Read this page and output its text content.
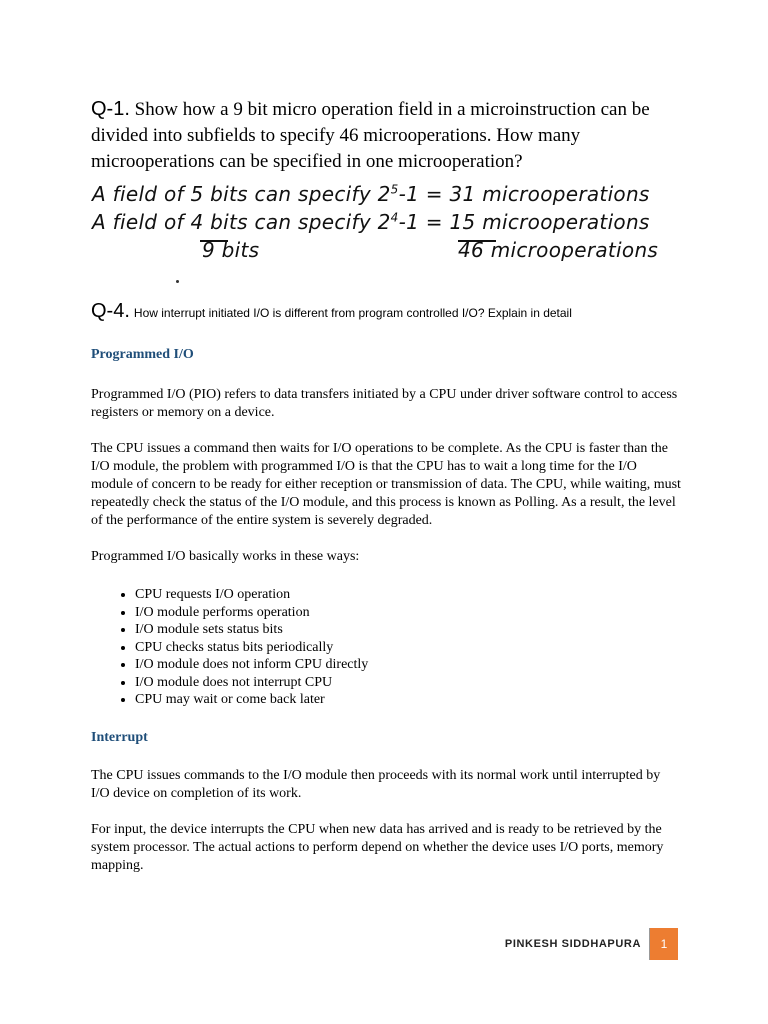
Q-1. Show how a 9 bit micro operation field in a microinstruction can be divided into subfields to specify 46 microoperations. How many microoperations can be specified in one microoperation?
A field of 5 bits can specify $2^5-1 = 31$ microoperations
A field of 4 bits can specify $2^4-1 = 15$ microoperations
9 bits	46 microoperations
Q-4. How interrupt initiated I/O is different from program controlled I/O? Explain in detail

Programmed I/O

Programmed I/O (PIO) refers to data transfers initiated by a CPU under driver software control to access registers or memory on a device.

The CPU issues a command then waits for I/O operations to be complete. As the CPU is faster than the I/O module, the problem with programmed I/O is that the CPU has to wait a long time for the I/O module of concern to be ready for either reception or transmission of data. The CPU, while waiting, must repeatedly check the status of the I/O module, and this process is known as Polling. As a result, the level of the performance of the entire system is severely degraded.

Programmed I/O basically works in these ways:

• CPU requests I/O operation
• I/O module performs operation
• I/O module sets status bits
• CPU checks status bits periodically
• I/O module does not inform CPU directly
• I/O module does not interrupt CPU
• CPU may wait or come back later

Interrupt

The CPU issues commands to the I/O module then proceeds with its normal work until interrupted by I/O device on completion of its work.

For input, the device interrupts the CPU when new data has arrived and is ready to be retrieved by the system processor. The actual actions to perform depend on whether the device uses I/O ports, memory mapping.

PINKESH SIDDHAPURA	1
